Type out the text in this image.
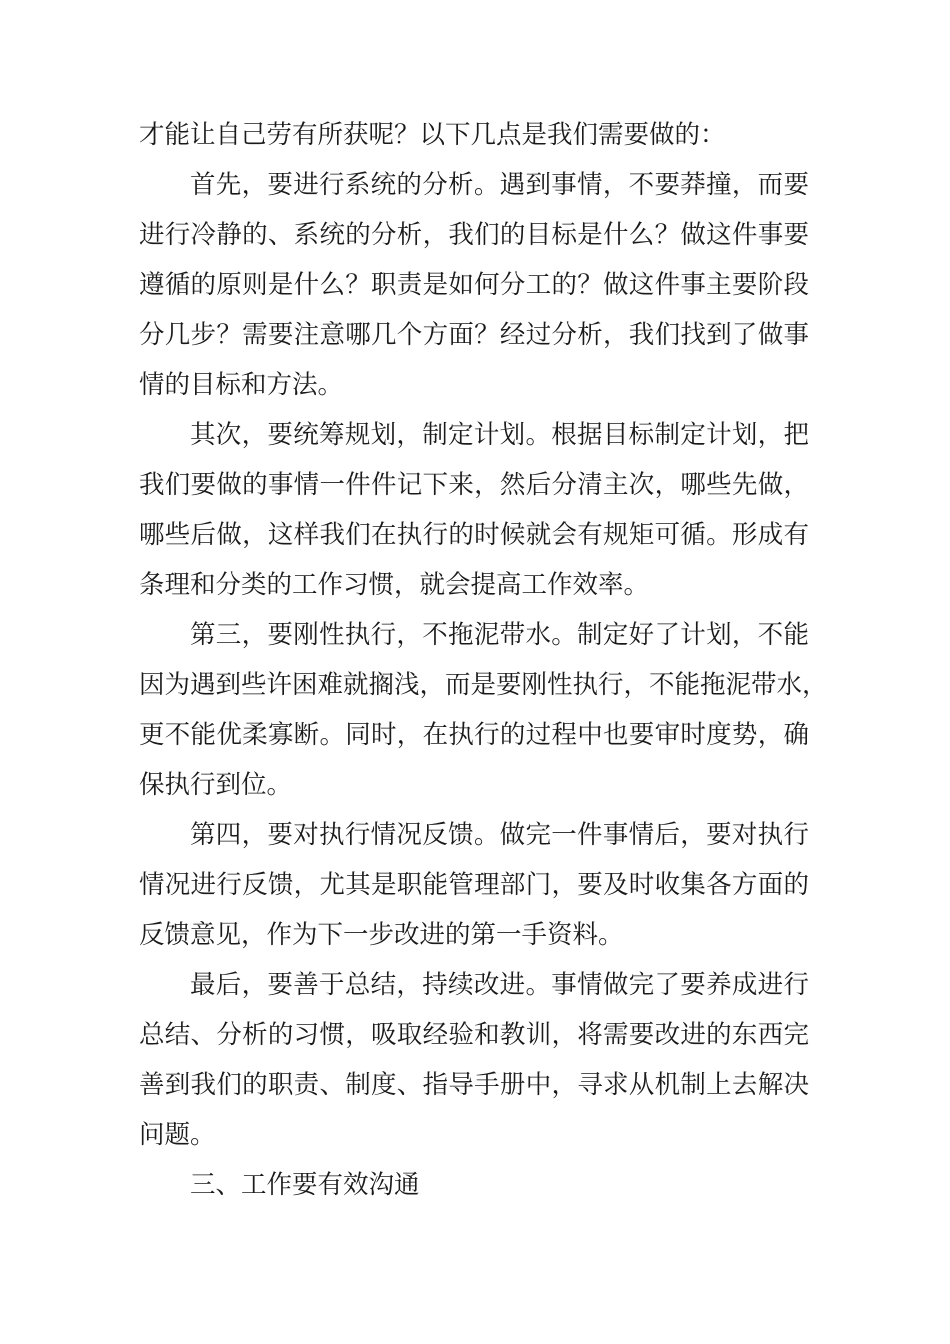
才能让自己劳有所获呢？以下几点是我们需要做的：
首先，要进行系统的分析。遇到事情，不要莽撞，而要
进行冷静的、系统的分析，我们的目标是什么？做这件事要
遵循的原则是什么？职责是如何分工的？做这件事主要阶段
分几步？需要注意哪几个方面？经过分析，我们找到了做事
情的目标和方法。
其次，要统筹规划，制定计划。根据目标制定计划，把
我们要做的事情一件件记下来，然后分清主次，哪些先做，
哪些后做，这样我们在执行的时候就会有规矩可循。形成有
条理和分类的工作习惯，就会提高工作效率。
第三，要刚性执行，不拖泥带水。制定好了计划，不能
因为遇到些许困难就搁浅，而是要刚性执行，不能拖泥带水，
更不能优柔寡断。同时，在执行的过程中也要审时度势，确
保执行到位。
第四，要对执行情况反馈。做完一件事情后，要对执行
情况进行反馈，尤其是职能管理部门，要及时收集各方面的
反馈意见，作为下一步改进的第一手资料。
最后，要善于总结，持续改进。事情做完了要养成进行
总结、分析的习惯，吸取经验和教训，将需要改进的东西完
善到我们的职责、制度、指导手册中，寻求从机制上去解决
问题。
三、工作要有效沟通
